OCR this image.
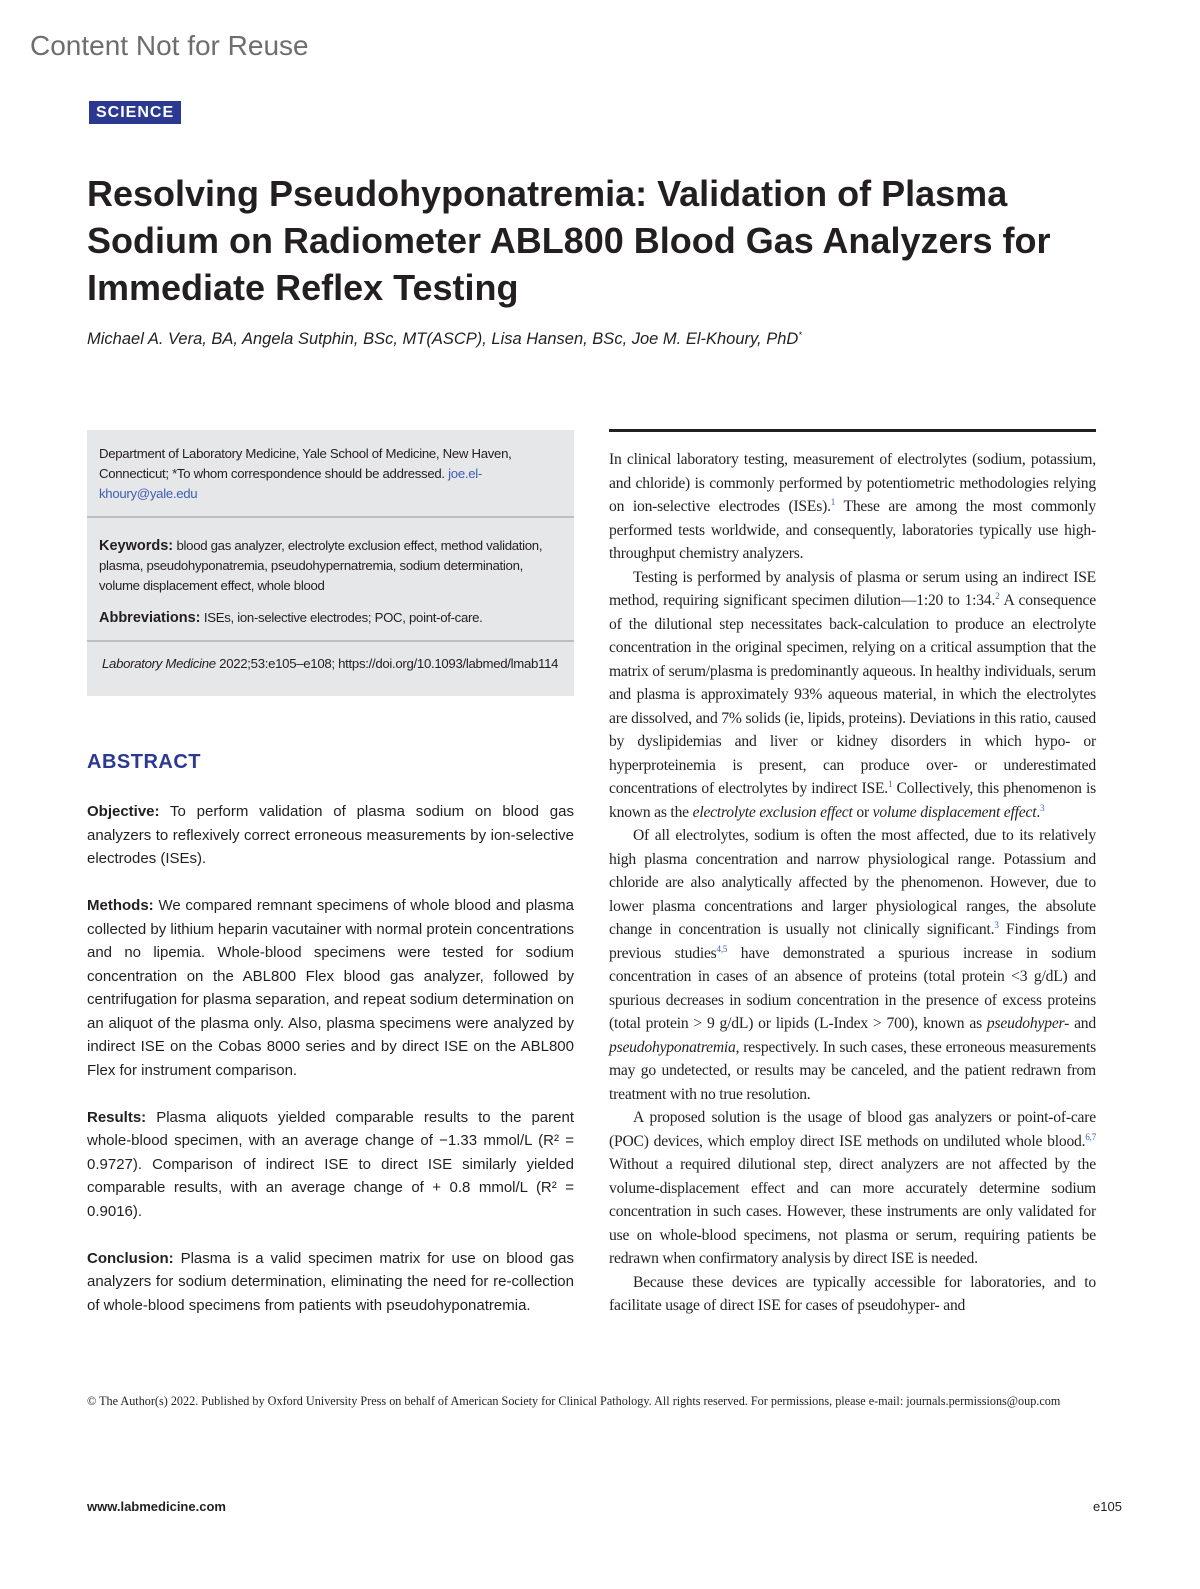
Content Not for Reuse
SCIENCE
Resolving Pseudohyponatremia: Validation of Plasma Sodium on Radiometer ABL800 Blood Gas Analyzers for Immediate Reflex Testing
Michael A. Vera, BA, Angela Sutphin, BSc, MT(ASCP), Lisa Hansen, BSc, Joe M. El-Khoury, PhD*
Department of Laboratory Medicine, Yale School of Medicine, New Haven, Connecticut; *To whom correspondence should be addressed. joe.el-khoury@yale.edu
Keywords: blood gas analyzer, electrolyte exclusion effect, method validation, plasma, pseudohyponatremia, pseudohypernatremia, sodium determination, volume displacement effect, whole blood
Abbreviations: ISEs, ion-selective electrodes; POC, point-of-care.
Laboratory Medicine 2022;53:e105–e108; https://doi.org/10.1093/labmed/lmab114
ABSTRACT

Objective: To perform validation of plasma sodium on blood gas analyzers to reflexively correct erroneous measurements by ion-selective electrodes (ISEs).

Methods: We compared remnant specimens of whole blood and plasma collected by lithium heparin vacutainer with normal protein concentrations and no lipemia. Whole-blood specimens were tested for sodium concentration on the ABL800 Flex blood gas analyzer, followed by centrifugation for plasma separation, and repeat sodium determination on an aliquot of the plasma only. Also, plasma specimens were analyzed by indirect ISE on the Cobas 8000 series and by direct ISE on the ABL800 Flex for instrument comparison.

Results: Plasma aliquots yielded comparable results to the parent whole-blood specimen, with an average change of −1.33 mmol/L (R² = 0.9727). Comparison of indirect ISE to direct ISE similarly yielded comparable results, with an average change of + 0.8 mmol/L (R² = 0.9016).

Conclusion: Plasma is a valid specimen matrix for use on blood gas analyzers for sodium determination, eliminating the need for re-collection of whole-blood specimens from patients with pseudohyponatremia.

In clinical laboratory testing, measurement of electrolytes (sodium, potassium, and chloride) is commonly performed by potentiometric methodologies relying on ion-selective electrodes (ISEs).$^1$ These are among the most commonly performed tests worldwide, and consequently, laboratories typically use high-throughput chemistry analyzers.

Testing is performed by analysis of plasma or serum using an indirect ISE method, requiring significant specimen dilution—1:20 to 1:34.$^2$ A consequence of the dilutional step necessitates back-calculation to produce an electrolyte concentration in the original specimen, relying on a critical assumption that the matrix of serum/plasma is predominantly aqueous. In healthy individuals, serum and plasma is approximately 93% aqueous material, in which the electrolytes are dissolved, and 7% solids (ie, lipids, proteins). Deviations in this ratio, caused by dyslipidemias and liver or kidney disorders in which hypo- or hyperproteinemia is present, can produce over- or underestimated concentrations of electrolytes by indirect ISE.$^1$ Collectively, this phenomenon is known as the electrolyte exclusion effect or volume displacement effect.$^3$

Of all electrolytes, sodium is often the most affected, due to its relatively high plasma concentration and narrow physiological range. Potassium and chloride are also analytically affected by the phenomenon. However, due to lower plasma concentrations and larger physiological ranges, the absolute change in concentration is usually not clinically significant.$^3$ Findings from previous studies$^{4,5}$ have demonstrated a spurious increase in sodium concentration in cases of an absence of proteins (total protein <3 g/dL) and spurious decreases in sodium concentration in the presence of excess proteins (total protein > 9 g/dL) or lipids (L-Index > 700), known as pseudohyper- and pseudohyponatremia, respectively. In such cases, these erroneous measurements may go undetected, or results may be canceled, and the patient redrawn from treatment with no true resolution.

A proposed solution is the usage of blood gas analyzers or point-of-care (POC) devices, which employ direct ISE methods on undiluted whole blood.$^{6,7}$ Without a required dilutional step, direct analyzers are not affected by the volume-displacement effect and can more accurately determine sodium concentration in such cases. However, these instruments are only validated for use on whole-blood specimens, not plasma or serum, requiring patients be redrawn when confirmatory analysis by direct ISE is needed.

Because these devices are typically accessible for laboratories, and to facilitate usage of direct ISE for cases of pseudohyper- and

© The Author(s) 2022. Published by Oxford University Press on behalf of American Society for Clinical Pathology. All rights reserved. For permissions, please e-mail: journals.permissions@oup.com
www.labmedicine.com	e105
